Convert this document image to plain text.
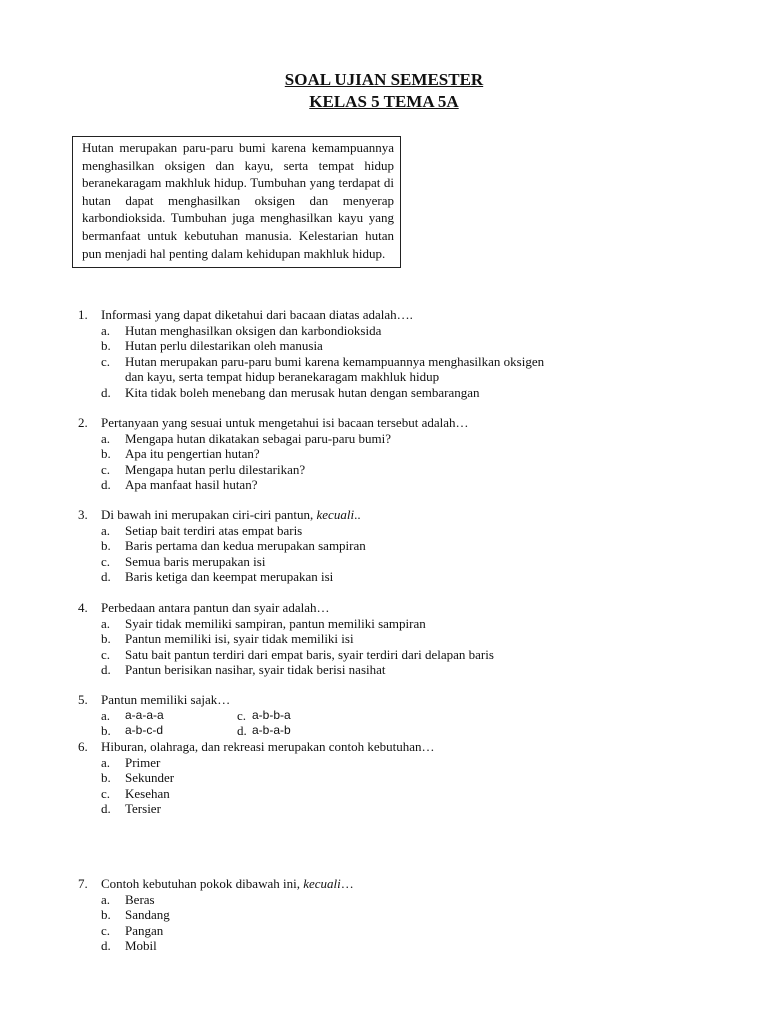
SOAL UJIAN SEMESTER
KELAS 5 TEMA 5A
Hutan merupakan paru-paru bumi karena kemampuannya menghasilkan oksigen dan kayu, serta tempat hidup beranekaragam makhluk hidup. Tumbuhan yang terdapat di hutan dapat menghasilkan oksigen dan menyerap karbondioksida. Tumbuhan juga menghasilkan kayu yang bermanfaat untuk kebutuhan manusia. Kelestarian hutan pun menjadi hal penting dalam kehidupan makhluk hidup.
1.	Informasi yang dapat diketahui dari bacaan diatas adalah….
a.	Hutan menghasilkan oksigen dan karbondioksida
b.	Hutan perlu dilestarikan oleh manusia
c.	Hutan merupakan paru-paru bumi karena kemampuannya menghasilkan oksigen dan kayu, serta tempat hidup beranekaragam makhluk hidup
d.	Kita tidak boleh menebang dan merusak hutan dengan sembarangan
2.	Pertanyaan yang sesuai untuk mengetahui isi bacaan tersebut adalah…
a.	Mengapa hutan dikatakan sebagai paru-paru bumi?
b.	Apa itu pengertian hutan?
c.	Mengapa hutan perlu dilestarikan?
d.	Apa manfaat hasil hutan?
3.	Di bawah ini merupakan ciri-ciri pantun, kecuali..
a.	Setiap bait terdiri atas empat baris
b.	Baris pertama dan kedua merupakan sampiran
c.	Semua baris merupakan isi
d.	Baris ketiga dan keempat merupakan isi
4.	Perbedaan antara pantun dan syair adalah…
a.	Syair tidak memiliki sampiran, pantun memiliki sampiran
b.	Pantun memiliki isi, syair tidak memiliki isi
c.	Satu bait pantun terdiri dari empat baris, syair terdiri dari delapan baris
d.	Pantun berisikan nasihar, syair tidak berisi nasihat
5.	Pantun memiliki sajak…
a.	a-a-a-a	c. a-b-b-a
b.	a-b-c-d	d. a-b-a-b
6.	Hiburan, olahraga, dan rekreasi merupakan contoh kebutuhan…
a.	Primer
b.	Sekunder
c.	Kesehan
d.	Tersier
7.	Contoh kebutuhan pokok dibawah ini, kecuali…
a.	Beras
b.	Sandang
c.	Pangan
d.	Mobil
